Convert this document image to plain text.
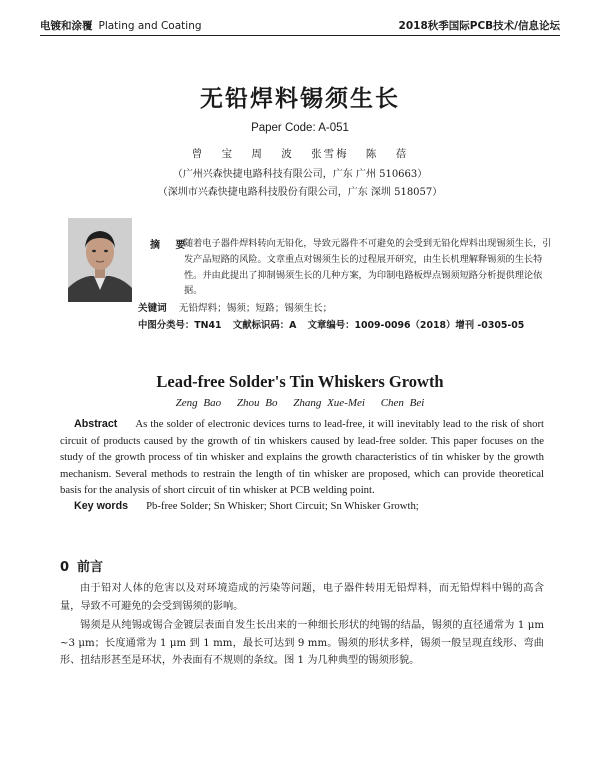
电镀和涂覆 Plating and Coating	2018秋季国际PCB技术/信息论坛
无铅焊料锡须生长
Paper Code: A-051
曾 宝 周 波 张雪梅 陈 蓓
（广州兴森快捷电路科技有限公司，广东 广州 510663）
（深圳市兴森快捷电路科技股份有限公司，广东 深圳 518057）
摘 要
随着电子器件焊料转向无铅化，导致元器件不可避免的会受到无铅化焊料出现锡须生长，引发产品短路的风险。文章重点对锡须生长的过程展开研究，由生长机理解释锡须的生长特性。并由此提出了抑制锡须生长的几种方案，为印制电路板焊点锡须短路分析提供理论依据。
关键词 无铅焊料；锡须；短路；锡须生长；
中图分类号：TN41 文献标识码：A 文章编号：1009-0096（2018）增刊 -0305-05
Lead-free Solder's Tin Whiskers Growth
Zeng Bao Zhou Bo Zhang Xue-Mei Chen Bei
Abstract As the solder of electronic devices turns to lead-free, it will inevitably lead to the risk of short circuit of products caused by the growth of tin whiskers caused by lead-free solder. This paper focuses on the study of the growth process of tin whisker and explains the growth characteristics of tin whisker by the growth mechanism. Several methods to restrain the length of tin whisker are proposed, which can provide theoretical basis for the analysis of short circuit of tin whisker at PCB welding point.
Key words Pb-free Solder; Sn Whisker; Short Circuit; Sn Whisker Growth;
0 前言
由于铅对人体的危害以及对环境造成的污染等问题，电子器件转用无铅焊料，而无铅焊料中锡的高含量，导致不可避免的会受到锡须的影响。
锡须是从纯锡或锡合金镀层表面自发生长出来的一种细长形状的纯锡的结晶，锡须的直径通常为 1 μm ~3 μm；长度通常为 1 μm 到 1 mm，最长可达到 9 mm。锡须的形状多样，锡须一般呈现直线形、弯曲形、扭结形甚至是环状，外表面有不规则的条纹。图 1 为几种典型的锡须形貌。
